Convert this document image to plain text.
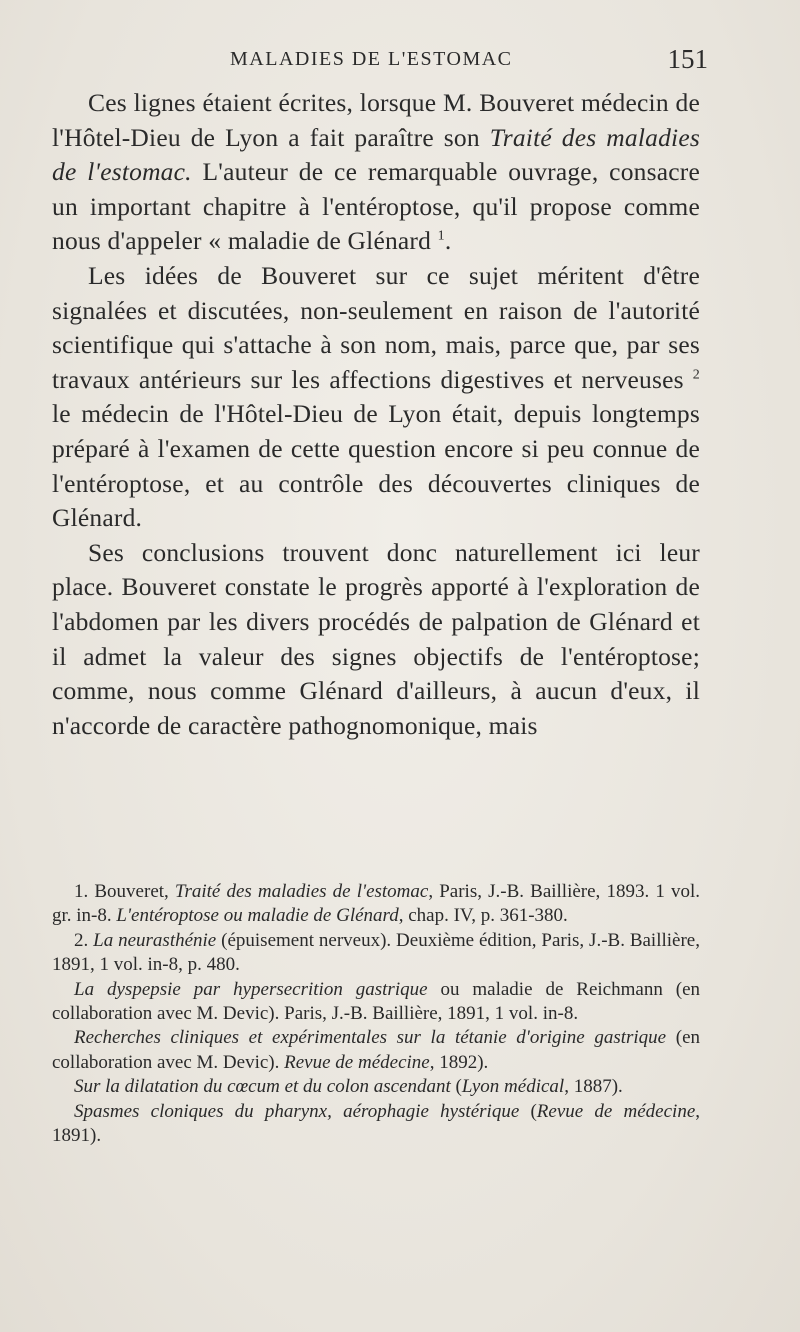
MALADIES DE L'ESTOMAC	151

Ces lignes étaient écrites, lorsque M. Bouveret médecin de l'Hôtel-Dieu de Lyon a fait paraître son Traité des maladies de l'estomac. L'auteur de ce remarquable ouvrage, consacre un important chapitre à l'entéroptose, qu'il propose comme nous d'appeler « maladie de Glénard $^1$.

Les idées de Bouveret sur ce sujet méritent d'être signalées et discutées, non-seulement en raison de l'autorité scientifique qui s'attache à son nom, mais, parce que, par ses travaux antérieurs sur les affections digestives et nerveuses $^2$ le médecin de l'Hôtel-Dieu de Lyon était, depuis longtemps préparé à l'examen de cette question encore si peu connue de l'entéroptose, et au contrôle des découvertes cliniques de Glénard.

Ses conclusions trouvent donc naturellement ici leur place. Bouveret constate le progrès apporté à l'exploration de l'abdomen par les divers procédés de palpation de Glénard et il admet la valeur des signes objectifs de l'entéroptose; comme, nous comme Glénard d'ailleurs, à aucun d'eux, il n'accorde de caractère pathognomonique, mais

1. Bouveret, Traité des maladies de l'estomac, Paris, J.-B. Baillière, 1893. 1 vol. gr. in-8. L'entéroptose ou maladie de Glénard, chap. IV, p. 361-380.

2. La neurasthénie (épuisement nerveux). Deuxième édition, Paris, J.-B. Baillière, 1891, 1 vol. in-8, p. 480.

La dyspepsie par hypersecrition gastrique ou maladie de Reichmann (en collaboration avec M. Devic). Paris, J.-B. Baillière, 1891, 1 vol. in-8.

Recherches cliniques et expérimentales sur la tétanie d'origine gastrique (en collaboration avec M. Devic). Revue de médecine, 1892).

Sur la dilatation du cœcum et du colon ascendant (Lyon médical, 1887).

Spasmes cloniques du pharynx, aérophagie hystérique (Revue de médecine, 1891).
